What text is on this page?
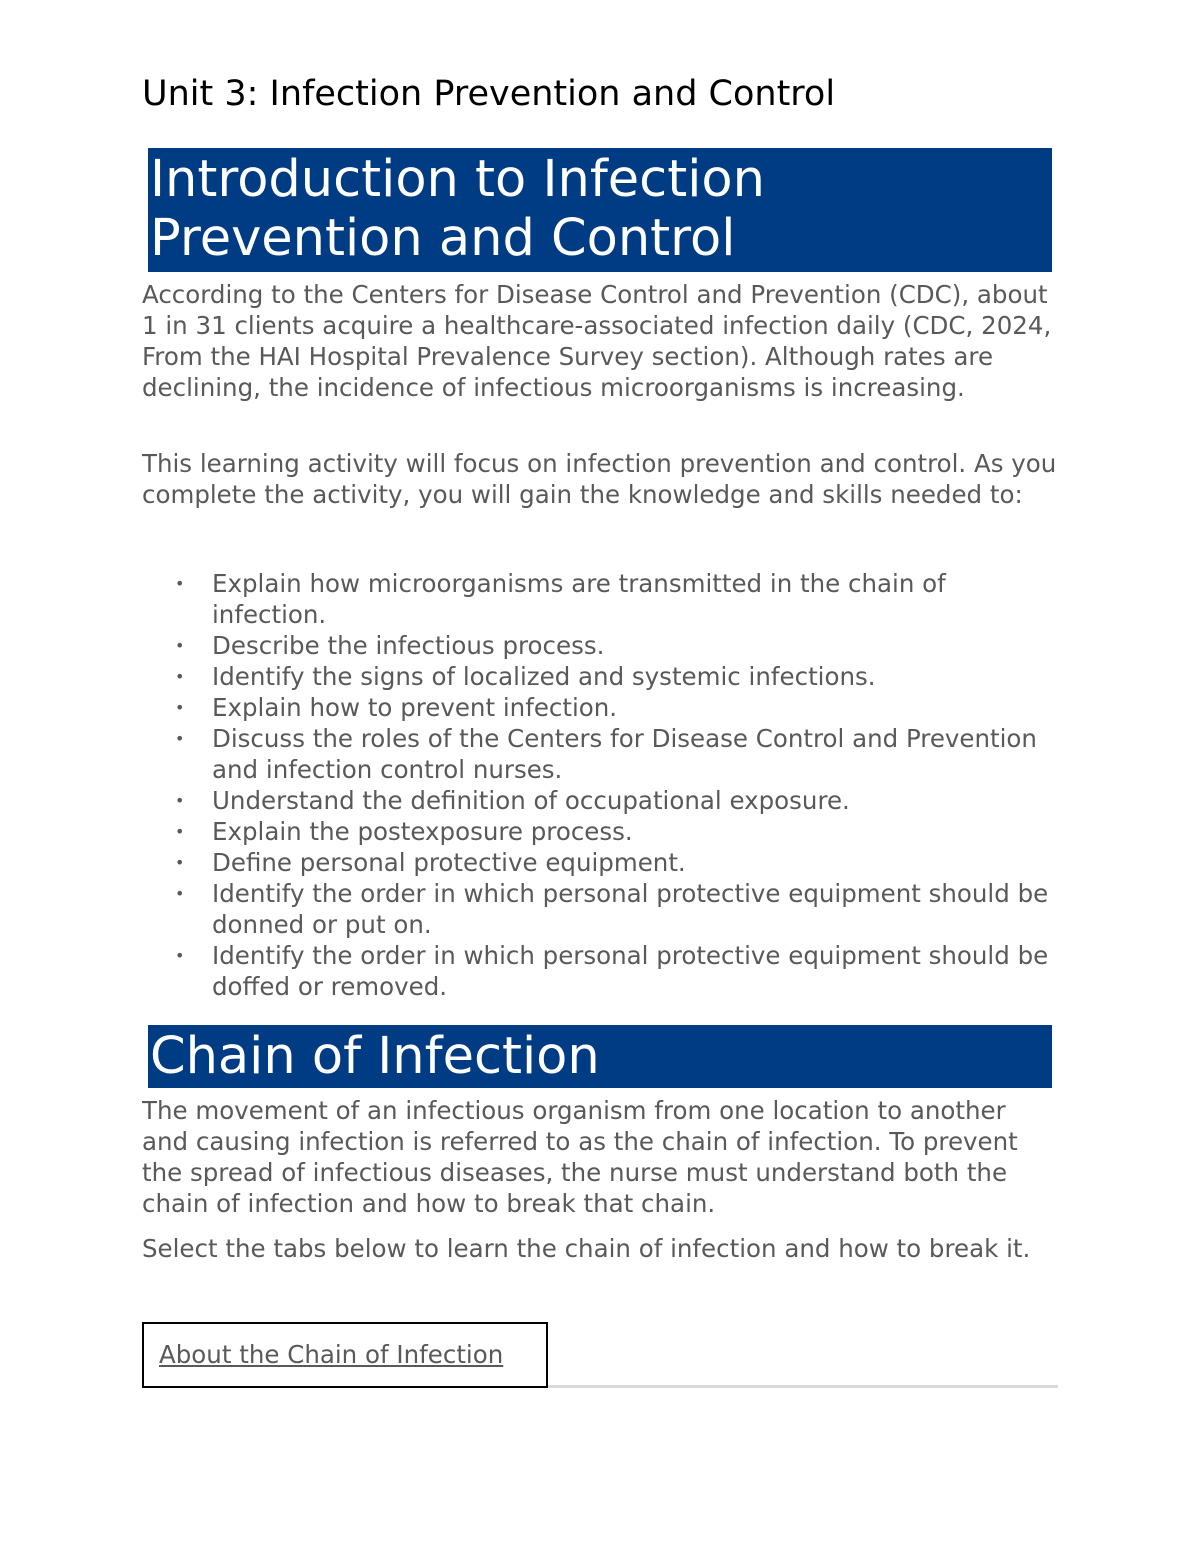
Unit 3: Infection Prevention and Control
Introduction to Infection
Prevention and Control

According to the Centers for Disease Control and Prevention (CDC), about 1 in 31 clients acquire a healthcare-associated infection daily (CDC, 2024, From the HAI Hospital Prevalence Survey section). Although rates are declining, the incidence of infectious microorganisms is increasing.

This learning activity will focus on infection prevention and control. As you complete the activity, you will gain the knowledge and skills needed to:

• Explain how microorganisms are transmitted in the chain of infection.
• Describe the infectious process.
• Identify the signs of localized and systemic infections.
• Explain how to prevent infection.
• Discuss the roles of the Centers for Disease Control and Prevention and infection control nurses.
• Understand the definition of occupational exposure.
• Explain the postexposure process.
• Define personal protective equipment.
• Identify the order in which personal protective equipment should be donned or put on.
• Identify the order in which personal protective equipment should be doffed or removed.
Chain of Infection

The movement of an infectious organism from one location to another and causing infection is referred to as the chain of infection. To prevent the spread of infectious diseases, the nurse must understand both the chain of infection and how to break that chain.

Select the tabs below to learn the chain of infection and how to break it.

About the Chain of Infection
